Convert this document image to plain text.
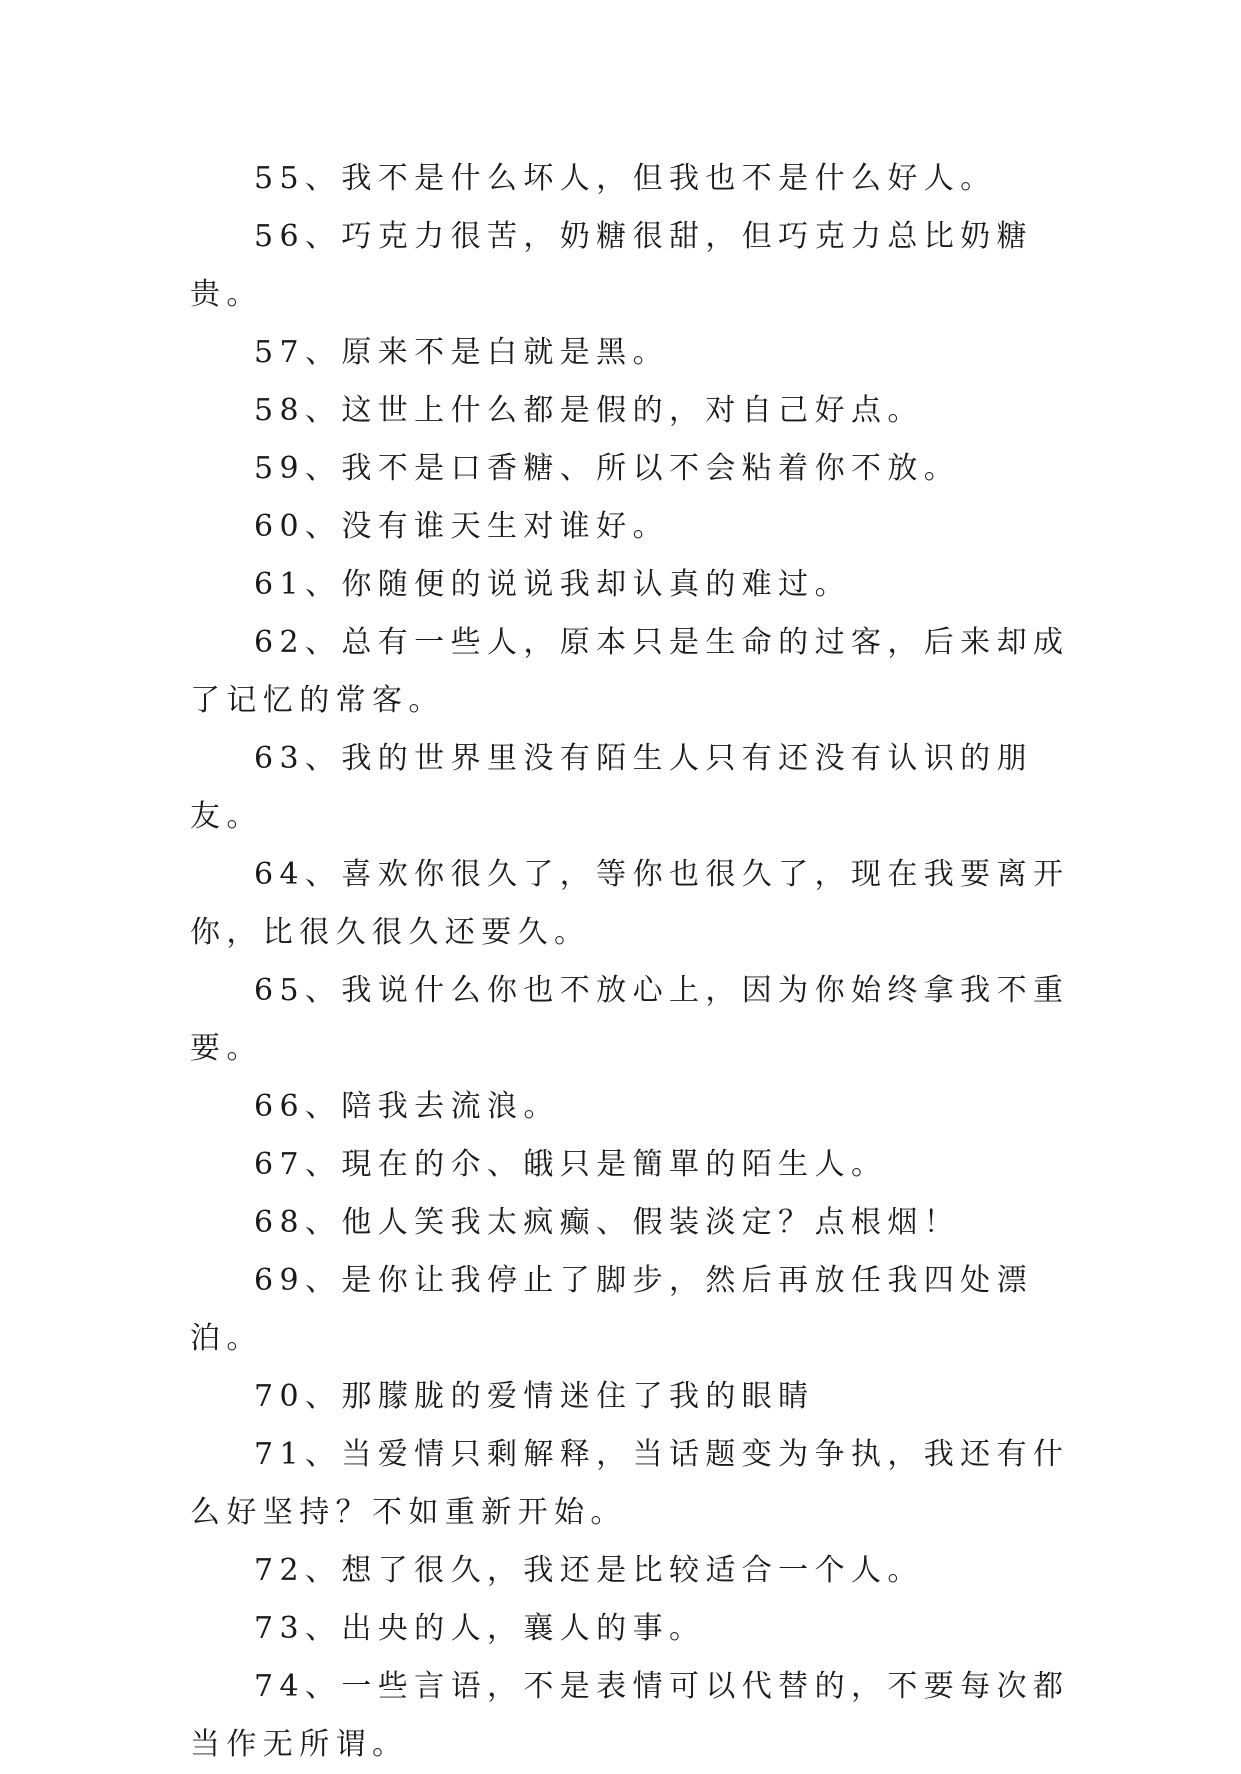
55、我不是什么坏人，但我也不是什么好人。

56、巧克力很苦，奶糖很甜，但巧克力总比奶糖贵。

57、原来不是白就是黑。

58、这世上什么都是假的，对自己好点。

59、我不是口香糖、所以不会粘着你不放。

60、没有谁天生对谁好。

61、你随便的说说我却认真的难过。

62、总有一些人，原本只是生命的过客，后来却成了记忆的常客。

63、我的世界里没有陌生人只有还没有认识的朋友。

64、喜欢你很久了，等你也很久了，现在我要离开你，比很久很久还要久。

65、我说什么你也不放心上，因为你始终拿我不重要。

66、陪我去流浪。

67、現在的尒、皒只是簡單的陌生人。

68、他人笑我太疯癫、假装淡定？点根烟！

69、是你让我停止了脚步，然后再放任我四处漂泊。

70、那朦胧的爱情迷住了我的眼睛

71、当爱情只剩解释，当话题变为争执，我还有什么好坚持？不如重新开始。

72、想了很久，我还是比较适合一个人。

73、出央的人，襄人的事。

74、一些言语，不是表情可以代替的，不要每次都当作无所谓。
